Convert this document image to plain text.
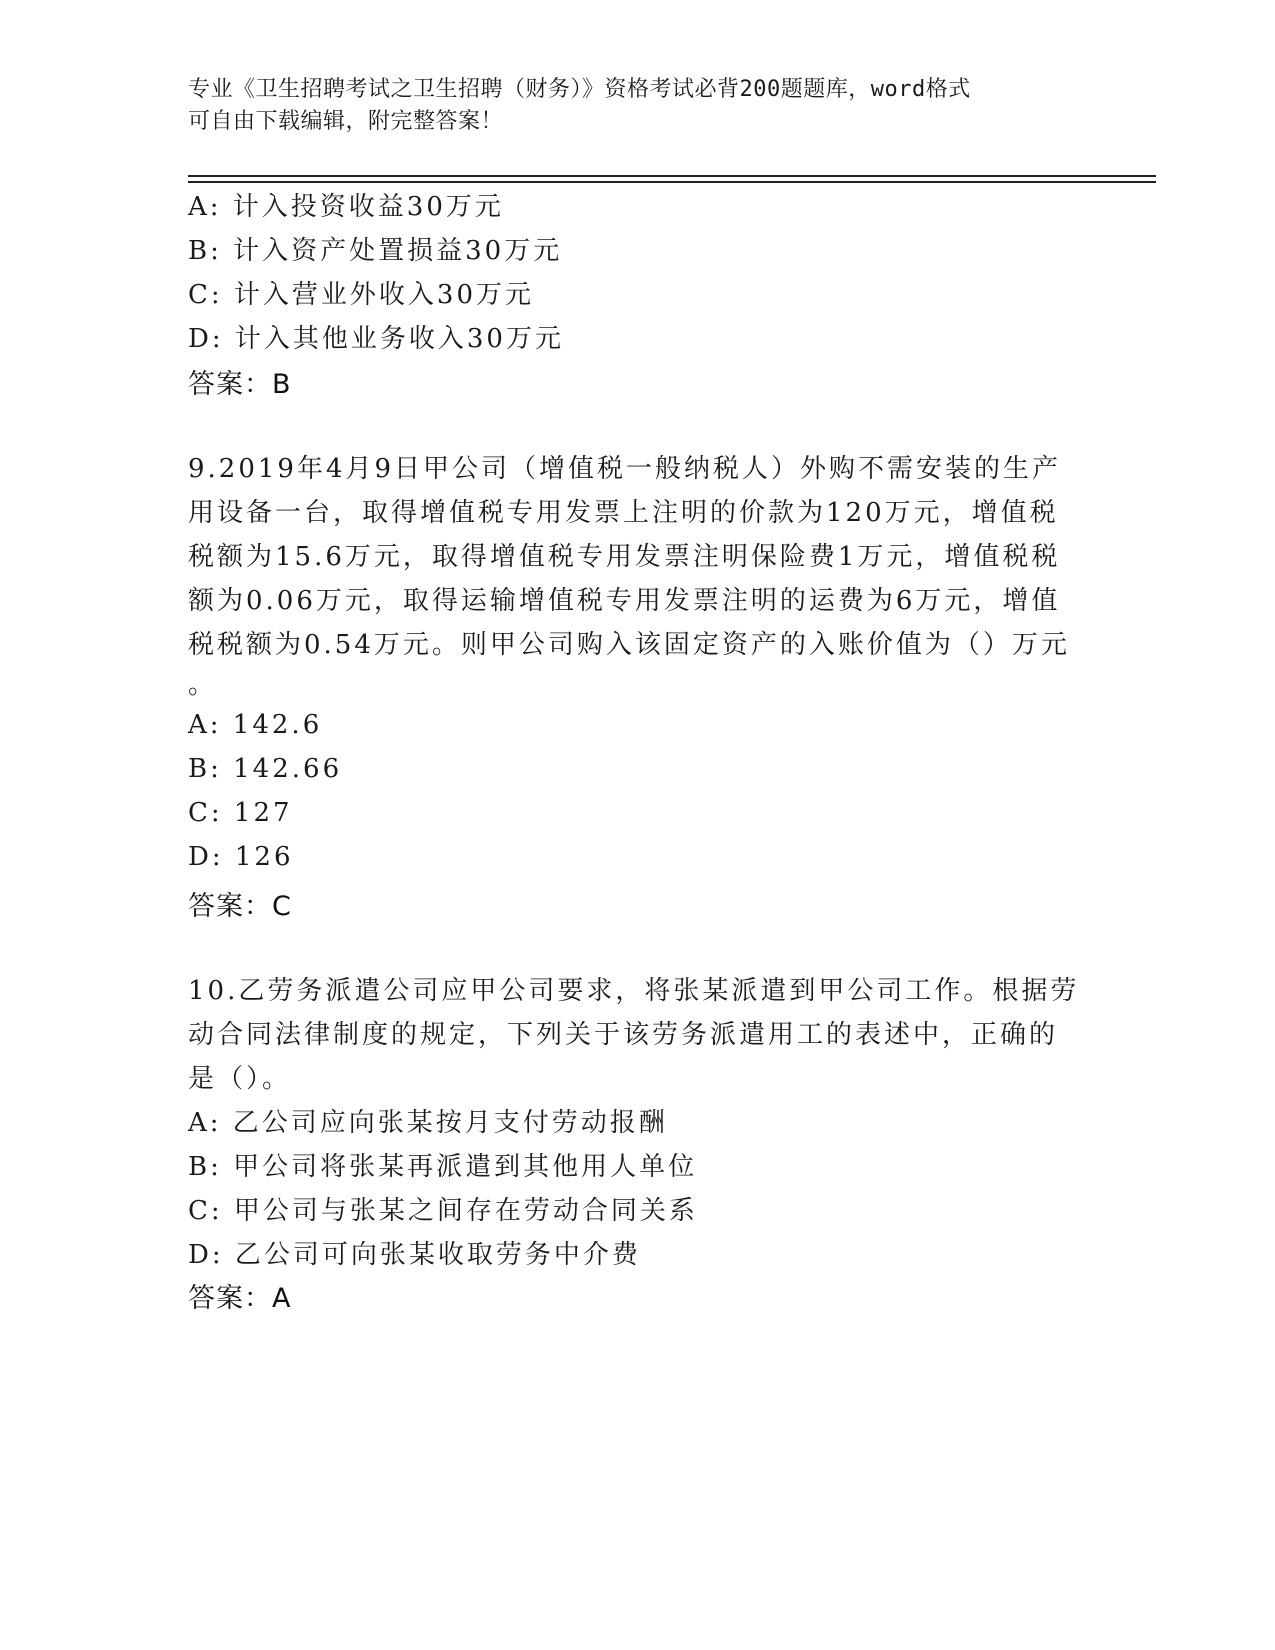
专业《卫生招聘考试之卫生招聘（财务）》资格考试必背200题题库，word格式
可自由下载编辑，附完整答案！
A: 计入投资收益30万元
B: 计入资产处置损益30万元
C: 计入营业外收入30万元
D: 计入其他业务收入30万元
答案：B
9.2019年4月9日甲公司（增值税一般纳税人）外购不需安装的生产
用设备一台，取得增值税专用发票上注明的价款为120万元，增值税
税额为15.6万元，取得增值税专用发票注明保险费1万元，增值税税
额为0.06万元，取得运输增值税专用发票注明的运费为6万元，增值
税税额为0.54万元。则甲公司购入该固定资产的入账价值为（）万元
。
A: 142.6
B: 142.66
C: 127
D: 126
答案：C
10.乙劳务派遣公司应甲公司要求，将张某派遣到甲公司工作。根据劳
动合同法律制度的规定，下列关于该劳务派遣用工的表述中，正确的
是（）。
A: 乙公司应向张某按月支付劳动报酬
B: 甲公司将张某再派遣到其他用人单位
C: 甲公司与张某之间存在劳动合同关系
D: 乙公司可向张某收取劳务中介费
答案：A
